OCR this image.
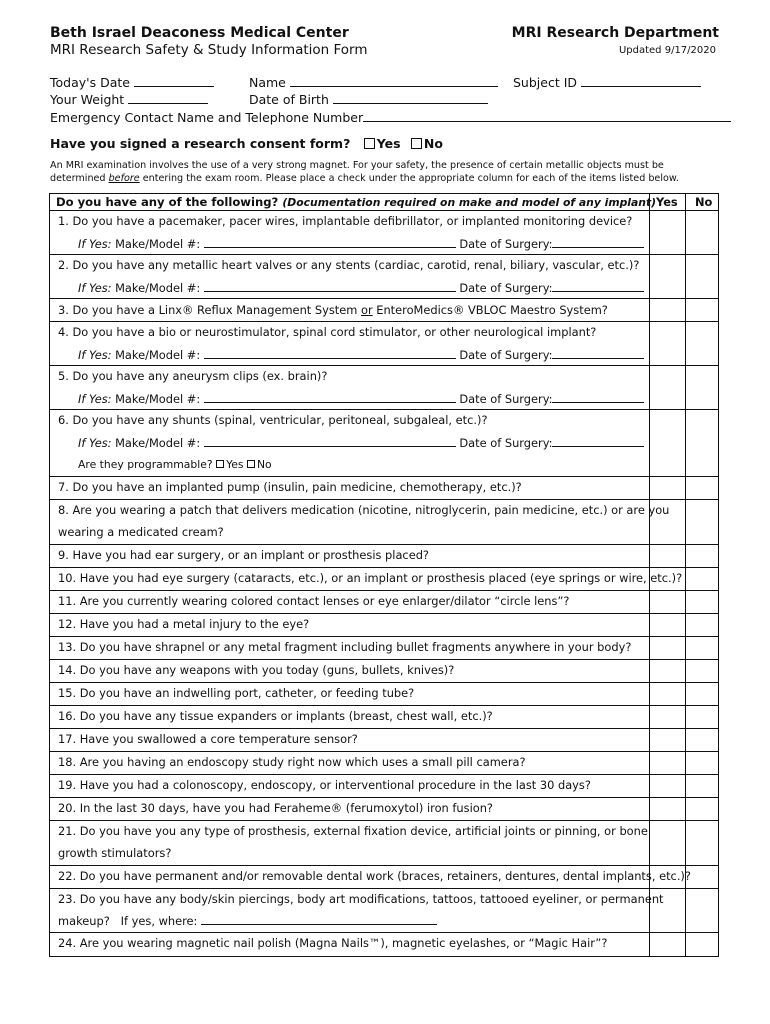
Beth Israel Deaconess Medical Center
MRI Research Safety & Study Information Form
MRI Research Department
Updated 9/17/2020
Today's Date	Name	Subject ID
Your Weight	Date of Birth
Emergency Contact Name and Telephone Number
Have you signed a research consent form? Yes No
An MRI examination involves the use of a very strong magnet. For your safety, the presence of certain metallic objects must be
determined before entering the exam room. Please place a check under the appropriate column for each of the items listed below.
Do you have any of the following? (Documentation required on make and model of any implant) Yes No
1. Do you have a pacemaker, pacer wires, implantable defibrillator, or implanted monitoring device?
If Yes: Make/Model #:	Date of Surgery:
2. Do you have any metallic heart valves or any stents (cardiac, carotid, renal, biliary, vascular, etc.)?
If Yes: Make/Model #:	Date of Surgery:
3. Do you have a Linx® Reflux Management System or EnteroMedics® VBLOC Maestro System?
4. Do you have a bio or neurostimulator, spinal cord stimulator, or other neurological implant?
If Yes: Make/Model #:	Date of Surgery:
5. Do you have any aneurysm clips (ex. brain)?
If Yes: Make/Model #:	Date of Surgery:
6. Do you have any shunts (spinal, ventricular, peritoneal, subgaleal, etc.)?
If Yes: Make/Model #:	Date of Surgery:
Are they programmable? Yes No
7. Do you have an implanted pump (insulin, pain medicine, chemotherapy, etc.)?
8. Are you wearing a patch that delivers medication (nicotine, nitroglycerin, pain medicine, etc.) or are you
wearing a medicated cream?
9. Have you had ear surgery, or an implant or prosthesis placed?
10. Have you had eye surgery (cataracts, etc.), or an implant or prosthesis placed (eye springs or wire, etc.)?
11. Are you currently wearing colored contact lenses or eye enlarger/dilator “circle lens”?
12. Have you had a metal injury to the eye?
13. Do you have shrapnel or any metal fragment including bullet fragments anywhere in your body?
14. Do you have any weapons with you today (guns, bullets, knives)?
15. Do you have an indwelling port, catheter, or feeding tube?
16. Do you have any tissue expanders or implants (breast, chest wall, etc.)?
17. Have you swallowed a core temperature sensor?
18. Are you having an endoscopy study right now which uses a small pill camera?
19. Have you had a colonoscopy, endoscopy, or interventional procedure in the last 30 days?
20. In the last 30 days, have you had Feraheme® (ferumoxytol) iron fusion?
21. Do you have you any type of prosthesis, external fixation device, artificial joints or pinning, or bone
growth stimulators?
22. Do you have permanent and/or removable dental work (braces, retainers, dentures, dental implants, etc.)?
23. Do you have any body/skin piercings, body art modifications, tattoos, tattooed eyeliner, or permanent
makeup? If yes, where:
24. Are you wearing magnetic nail polish (Magna Nails™), magnetic eyelashes, or “Magic Hair”?
